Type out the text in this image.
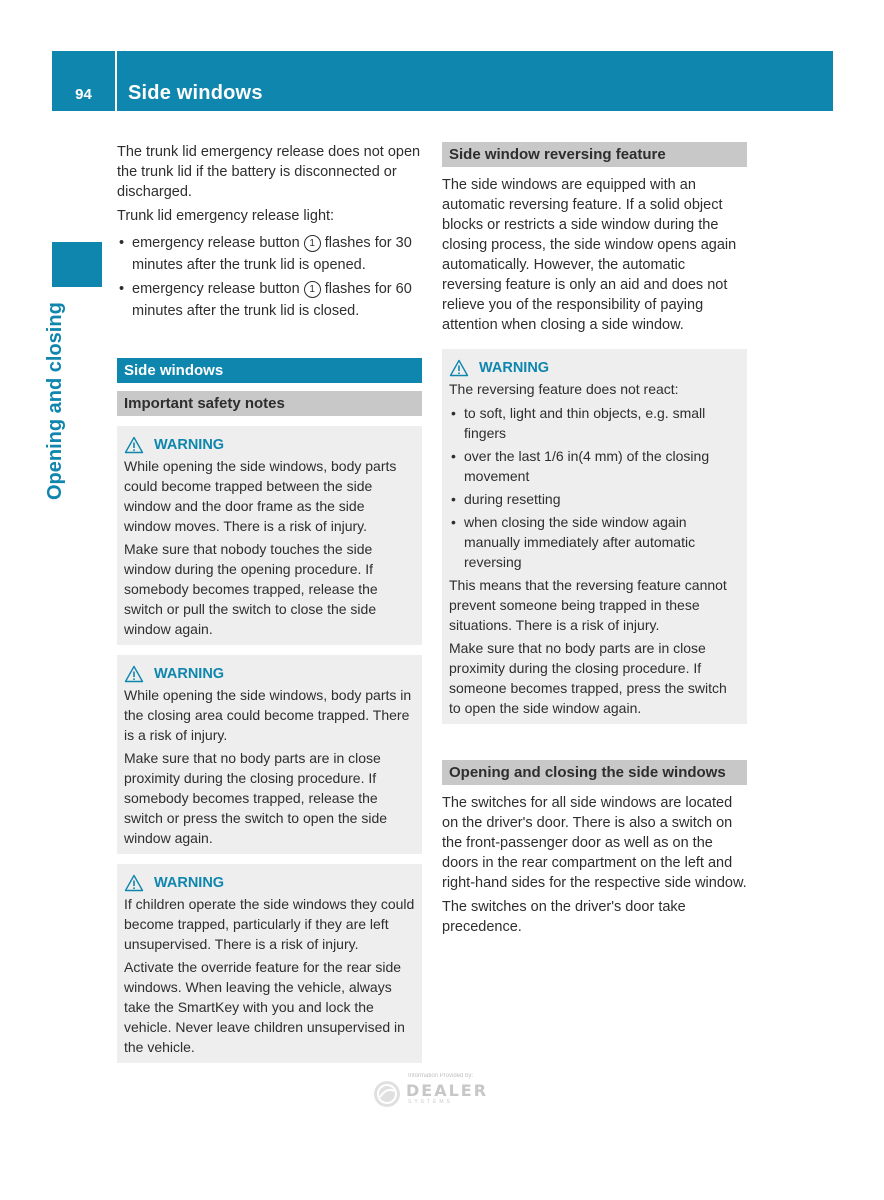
94	Side windows
Opening and closing

The trunk lid emergency release does not open the trunk lid if the battery is disconnected or discharged.

Trunk lid emergency release light:

• emergency release button 1 flashes for 30 minutes after the trunk lid is opened.
• emergency release button 1 flashes for 60 minutes after the trunk lid is closed.
Side windows
Important safety notes
WARNING

While opening the side windows, body parts could become trapped between the side window and the door frame as the side window moves. There is a risk of injury.

Make sure that nobody touches the side window during the opening procedure. If somebody becomes trapped, release the switch or pull the switch to close the side window again.

WARNING

While opening the side windows, body parts in the closing area could become trapped. There is a risk of injury.

Make sure that no body parts are in close proximity during the closing procedure. If somebody becomes trapped, release the switch or press the switch to open the side window again.

WARNING

If children operate the side windows they could become trapped, particularly if they are left unsupervised. There is a risk of injury.

Activate the override feature for the rear side windows. When leaving the vehicle, always take the SmartKey with you and lock the vehicle. Never leave children unsupervised in the vehicle.

Side window reversing feature

The side windows are equipped with an automatic reversing feature. If a solid object blocks or restricts a side window during the closing process, the side window opens again automatically. However, the automatic reversing feature is only an aid and does not relieve you of the responsibility of paying attention when closing a side window.

WARNING

The reversing feature does not react:

• to soft, light and thin objects, e.g. small fingers
• over the last 1/6 in(4 mm) of the closing movement
• during resetting
• when closing the side window again manually immediately after automatic reversing

This means that the reversing feature cannot prevent someone being trapped in these situations. There is a risk of injury.

Make sure that no body parts are in close proximity during the closing procedure. If someone becomes trapped, press the switch to open the side window again.

Opening and closing the side windows

The switches for all side windows are located on the driver's door. There is also a switch on the front-passenger door as well as on the doors in the rear compartment on the left and right-hand sides for the respective side window.

The switches on the driver's door take precedence.

Information Provided by:
DEALER
SYSTEMS
